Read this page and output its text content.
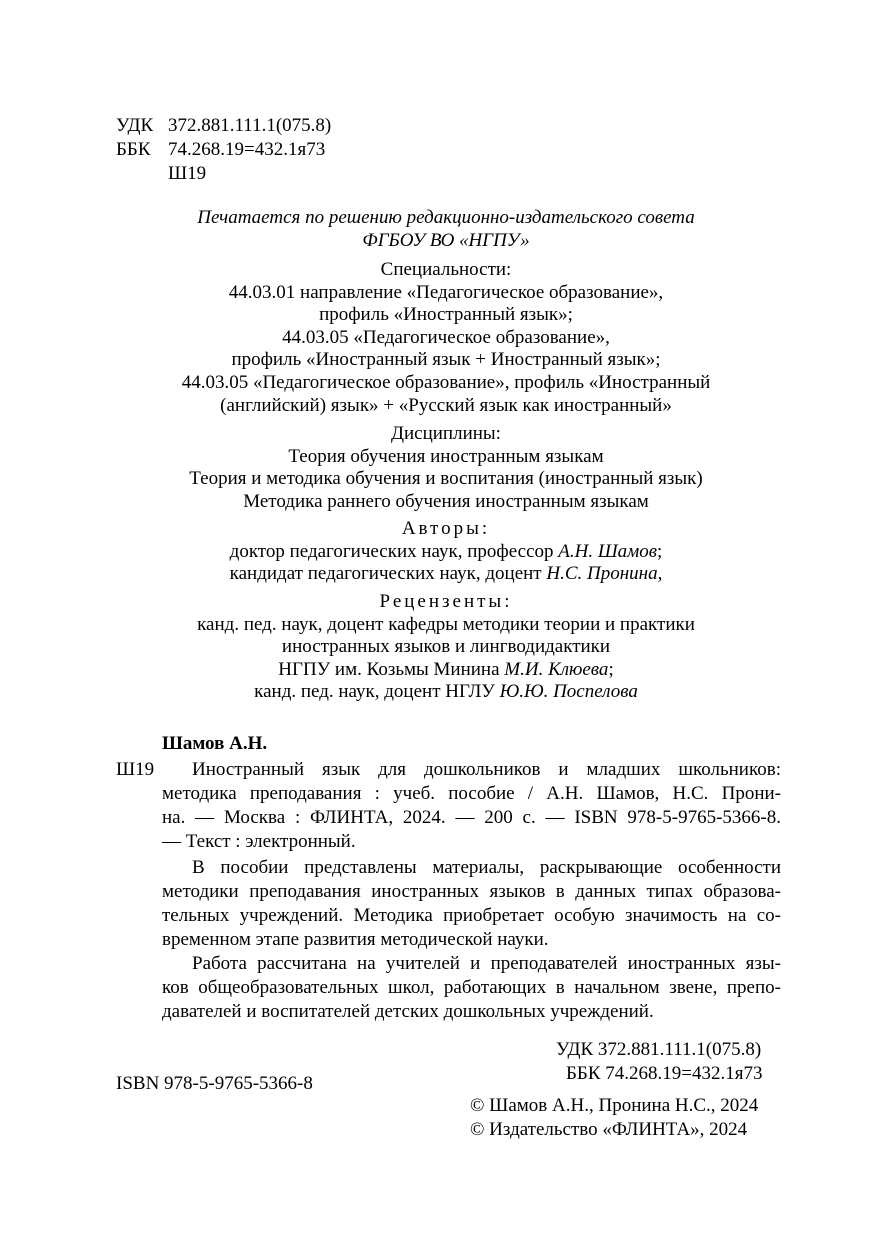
УДК 372.881.111.1(075.8)
ББК 74.268.19=432.1я73
Ш19
Печатается по решению редакционно-издательского совета
ФГБОУ ВО «НГПУ»
Специальности:
44.03.01 направление «Педагогическое образование»,
профиль «Иностранный язык»;
44.03.05 «Педагогическое образование»,
профиль «Иностранный язык + Иностранный язык»;
44.03.05 «Педагогическое образование», профиль «Иностранный
(английский) язык» + «Русский язык как иностранный»
Дисциплины:
Теория обучения иностранным языкам
Теория и методика обучения и воспитания (иностранный язык)
Методика раннего обучения иностранным языкам
Авторы:
доктор педагогических наук, профессор А.Н. Шамов;
кандидат педагогических наук, доцент Н.С. Пронина,
Рецензенты:
канд. пед. наук, доцент кафедры методики теории и практики
иностранных языков и лингводидактики
НГПУ им. Козьмы Минина М.И. Клюева;
канд. пед. наук, доцент НГЛУ Ю.Ю. Поспелова
Шамов А.Н.
Ш19	Иностранный язык для дошкольников и младших школьников:
методика преподавания : учеб. пособие / А.Н. Шамов, Н.С. Прони-
на. — Москва : ФЛИНТА, 2024. — 200 с. — ISBN 978-5-9765-5366-8.
— Текст : электронный.
В пособии представлены материалы, раскрывающие особенности
методики преподавания иностранных языков в данных типах образова-
тельных учреждений. Методика приобретает особую значимость на со-
временном этапе развития методической науки.
Работа рассчитана на учителей и преподавателей иностранных язы-
ков общеобразовательных школ, работающих в начальном звене, препо-
давателей и воспитателей детских дошкольных учреждений.
УДК 372.881.111.1(075.8)
ББК 74.268.19=432.1я73
ISBN 978-5-9765-5366-8
© Шамов А.Н., Пронина Н.С., 2024
© Издательство «ФЛИНТА», 2024
